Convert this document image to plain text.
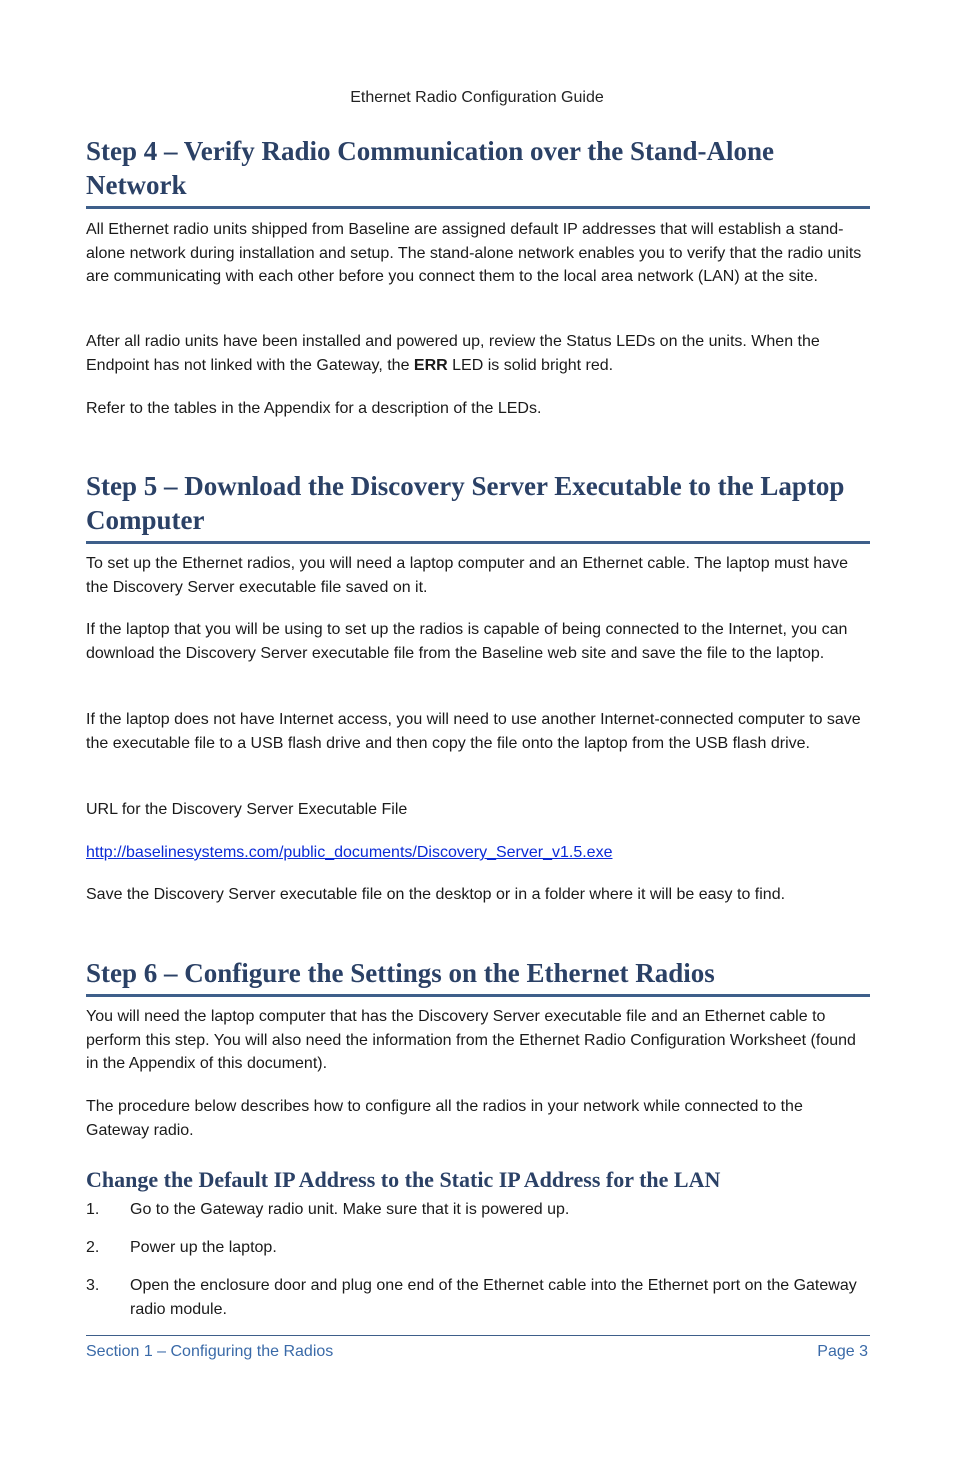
Ethernet Radio Configuration Guide
Step 4 – Verify Radio Communication over the Stand-Alone Network

All Ethernet radio units shipped from Baseline are assigned default IP addresses that will establish a stand-alone network during installation and setup. The stand-alone network enables you to verify that the radio units are communicating with each other before you connect them to the local area network (LAN) at the site.

After all radio units have been installed and powered up, review the Status LEDs on the units. When the Endpoint has not linked with the Gateway, the ERR LED is solid bright red.

Refer to the tables in the Appendix for a description of the LEDs.

Step 5 – Download the Discovery Server Executable to the Laptop Computer

To set up the Ethernet radios, you will need a laptop computer and an Ethernet cable. The laptop must have the Discovery Server executable file saved on it.

If the laptop that you will be using to set up the radios is capable of being connected to the Internet, you can download the Discovery Server executable file from the Baseline web site and save the file to the laptop.

If the laptop does not have Internet access, you will need to use another Internet-connected computer to save the executable file to a USB flash drive and then copy the file onto the laptop from the USB flash drive.

URL for the Discovery Server Executable File

http://baselinesystems.com/public_documents/Discovery_Server_v1.5.exe

Save the Discovery Server executable file on the desktop or in a folder where it will be easy to find.

Step 6 – Configure the Settings on the Ethernet Radios

You will need the laptop computer that has the Discovery Server executable file and an Ethernet cable to perform this step. You will also need the information from the Ethernet Radio Configuration Worksheet (found in the Appendix of this document).

The procedure below describes how to configure all the radios in your network while connected to the Gateway radio.

Change the Default IP Address to the Static IP Address for the LAN
1.	Go to the Gateway radio unit. Make sure that it is powered up.
2.	Power up the laptop.
3.	Open the enclosure door and plug one end of the Ethernet cable into the Ethernet port on the Gateway radio module.
Section 1 – Configuring the Radios	Page 3
